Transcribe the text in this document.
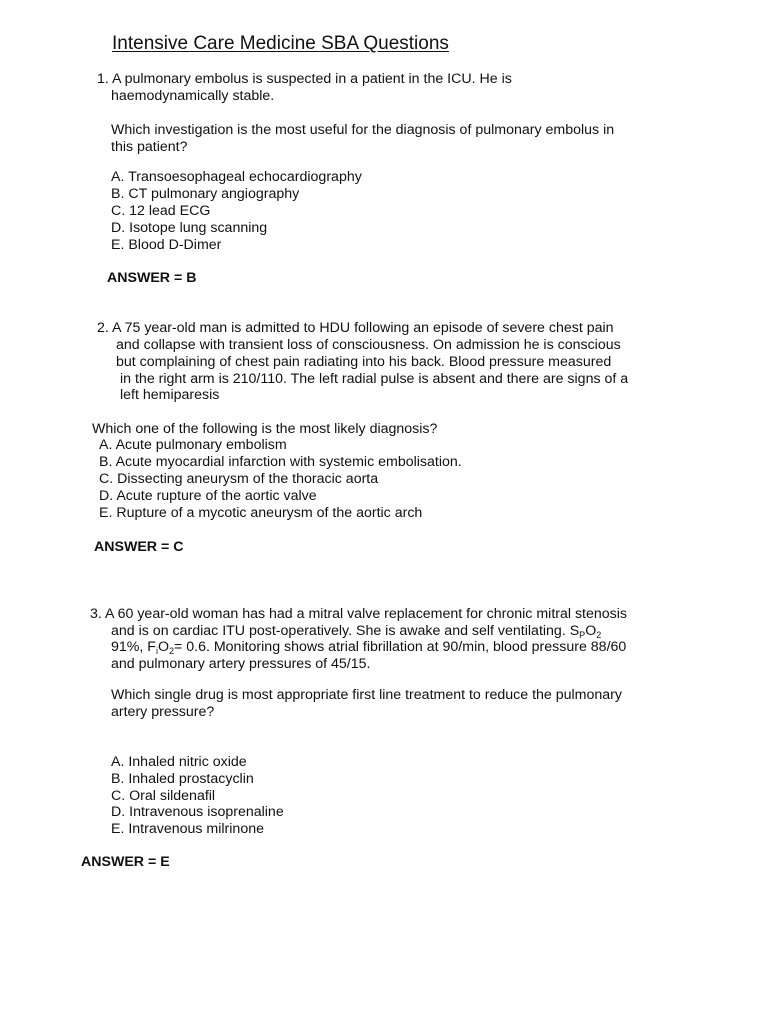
Intensive Care Medicine SBA Questions
1. A pulmonary embolus is suspected in a patient in the ICU. He is
haemodynamically stable.
Which investigation is the most useful for the diagnosis of pulmonary embolus in
this patient?
A. Transoesophageal echocardiography
B. CT pulmonary angiography
C. 12 lead ECG
D. Isotope lung scanning
E. Blood D-Dimer
ANSWER = B
2. A 75 year-old man is admitted to HDU following an episode of severe chest pain
and collapse with transient loss of consciousness. On admission he is conscious
but complaining of chest pain radiating into his back. Blood pressure measured
in the right arm is 210/110. The left radial pulse is absent and there are signs of a
left hemiparesis
Which one of the following is the most likely diagnosis?
A. Acute pulmonary embolism
B. Acute myocardial infarction with systemic embolisation.
C. Dissecting aneurysm of the thoracic aorta
D. Acute rupture of the aortic valve
E. Rupture of a mycotic aneurysm of the aortic arch
ANSWER = C
3. A 60 year-old woman has had a mitral valve replacement for chronic mitral stenosis
and is on cardiac ITU post-operatively. She is awake and self ventilating. $S_PO_2$
91%, $F_iO_2= 0.6$. Monitoring shows atrial fibrillation at 90/min, blood pressure 88/60
and pulmonary artery pressures of 45/15.
Which single drug is most appropriate first line treatment to reduce the pulmonary
artery pressure?
A. Inhaled nitric oxide
B. Inhaled prostacyclin
C. Oral sildenafil
D. Intravenous isoprenaline
E. Intravenous milrinone
ANSWER = E
